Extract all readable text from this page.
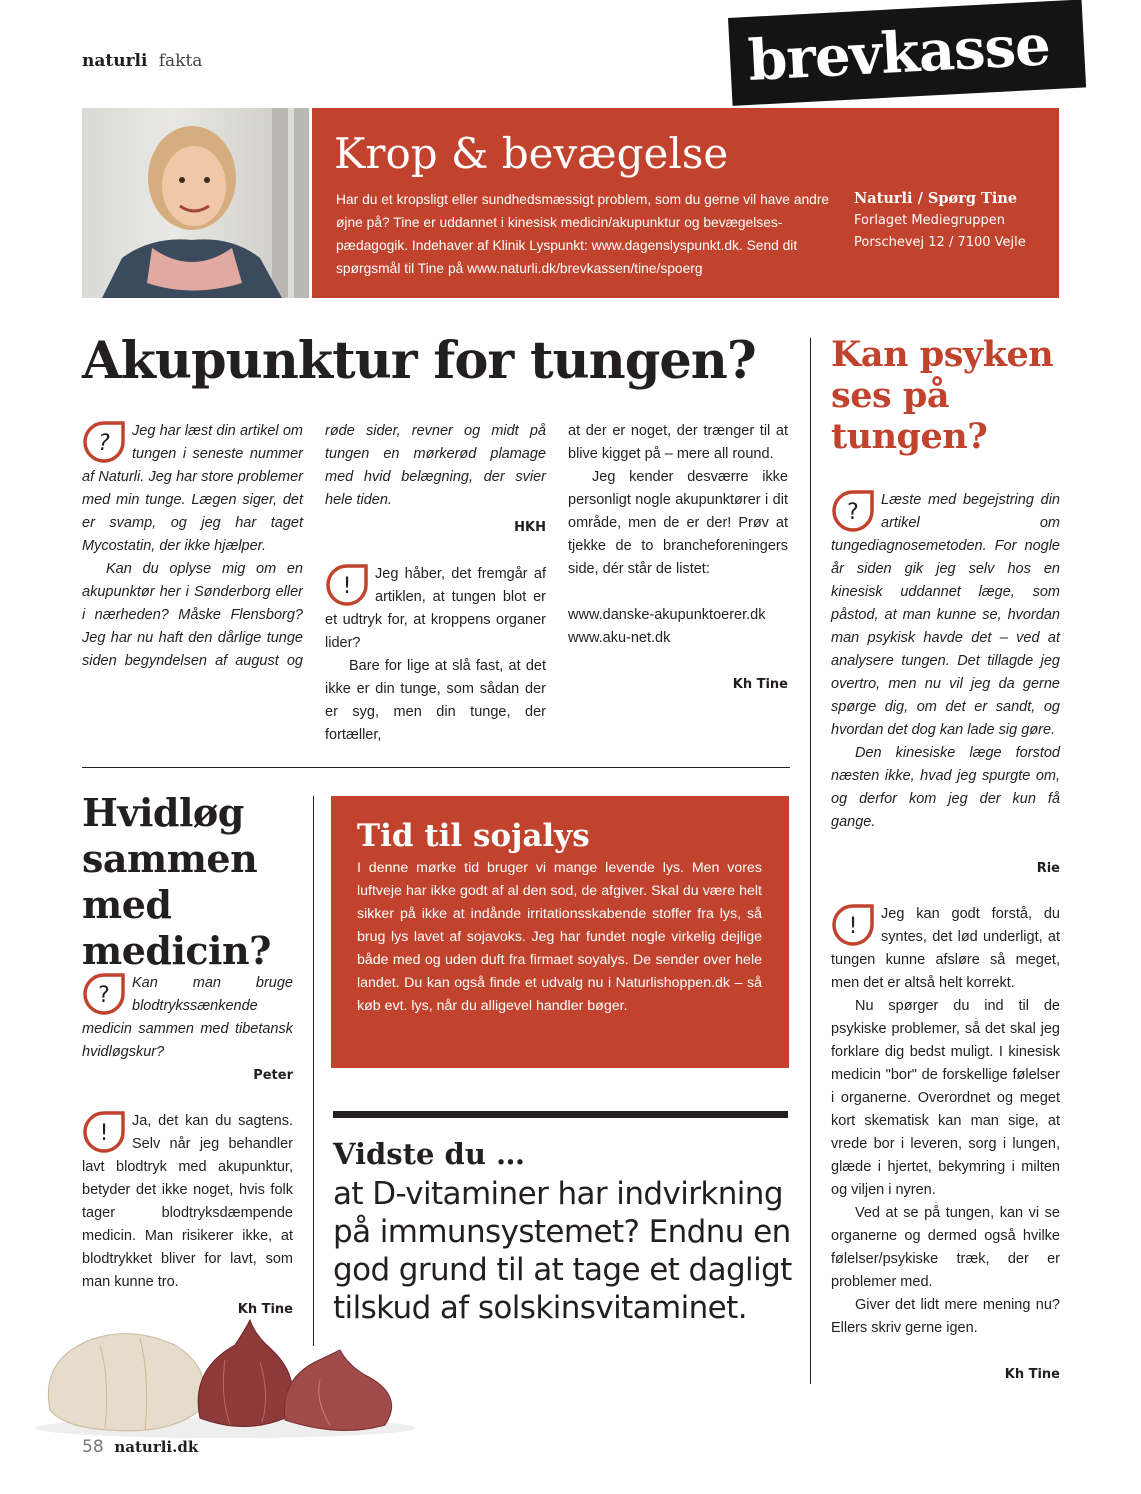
naturli fakta	brevkasse
Krop & bevægelse
Har du et kropsligt eller sundhedsmæssigt problem, som du gerne vil have andre øjne på? Tine er uddannet i kinesisk medicin/akupunktur og bevægelses-pædagogik. Indehaver af Klinik Lyspunkt: www.dagenslyspunkt.dk. Send dit spørgsmål til Tine på www.naturli.dk/brevkassen/tine/spoerg
Naturli / Spørg Tine
Forlaget Mediegruppen
Porschevej 12 / 7100 Vejle
Akupunktur for tungen?
?	Jeg har læst din artikel om tungen i seneste nummer af Naturli. Jeg har store problemer med min tunge. Lægen siger, det er svamp, og jeg har taget Mycostatin, der ikke hjælper.

Kan du oplyse mig om en akupunktør her i Sønderborg eller i nærheden? Måske Flensborg? Jeg har nu haft den dårlige tunge siden begyndelsen af august og

røde sider, revner og midt på tungen en mørkerød plamage med hvid belægning, der svier hele tiden.

HKH

!	Jeg håber, det fremgår af artiklen, at tungen blot er et udtryk for, at kroppens organer lider?

Bare for lige at slå fast, at det ikke er din tunge, som sådan der er syg, men din tunge, der fortæller,

at der er noget, der trænger til at blive kigget på – mere all round.

Jeg kender desværre ikke personligt nogle akupunktører i dit område, men de er der! Prøv at tjekke de to brancheforeningers side, dér står de listet:

www.danske-akupunktoerer.dk

www.aku-net.dk

Kh Tine

Hvidløg
sammen
med
medicin?
?	Kan man bruge blodtrykssænkende medicin sammen med tibetansk hvidløgskur?

Peter

!	Ja, det kan du sagtens. Selv når jeg behandler lavt blodtryk med akupunktur, betyder det ikke noget, hvis folk tager blodtryksdæmpende medicin. Man risikerer ikke, at blodtrykket bliver for lavt, som man kunne tro.

Kh Tine

Tid til sojalys
I denne mørke tid bruger vi mange levende lys. Men vores luftveje har ikke godt af al den sod, de afgiver. Skal du være helt sikker på ikke at indånde irritationsskabende stoffer fra lys, så brug lys lavet af sojavoks. Jeg har fundet nogle virkelig dejlige både med og uden duft fra firmaet soyalys. De sender over hele landet. Du kan også finde et udvalg nu i Naturlishoppen.dk – så køb evt. lys, når du alligevel handler bøger.
Vidste du …
at D-vitaminer har indvirkning på immunsystemet? Endnu en god grund til at tage et dagligt tilskud af solskinsvitaminet.
Kan psyken
ses på
tungen?
?	Læste med begejstring din artikel om tungediagnosemetoden. For nogle år siden gik jeg selv hos en kinesisk uddannet læge, som påstod, at man kunne se, hvordan man psykisk havde det – ved at analysere tungen. Det tillagde jeg overtro, men nu vil jeg da gerne spørge dig, om det er sandt, og hvordan det dog kan lade sig gøre.

Den kinesiske læge forstod næsten ikke, hvad jeg spurgte om, og derfor kom jeg der kun få gange.

Rie

!	Jeg kan godt forstå, du syntes, det lød underligt, at tungen kunne afsløre så meget, men det er altså helt korrekt.

Nu spørger du ind til de psykiske problemer, så det skal jeg forklare dig bedst muligt. I kinesisk medicin "bor" de forskellige følelser i organerne. Overordnet og meget kort skematisk kan man sige, at vrede bor i leveren, sorg i lungen, glæde i hjertet, bekymring i milten og viljen i nyren.

Ved at se på tungen, kan vi se organerne og dermed også hvilke følelser/psykiske træk, der er problemer med.

Giver det lidt mere mening nu? Ellers skriv gerne igen.

Kh Tine

58 naturli.dk
